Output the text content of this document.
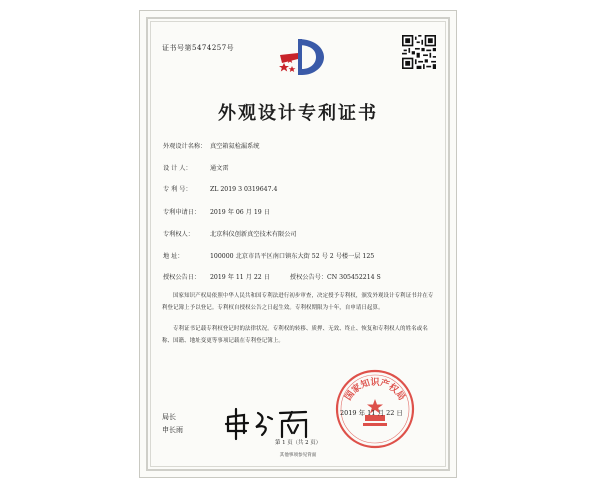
证书号第5474257号
外观设计专利证书
外观设计名称： 真空箱氦检漏系统
设 计 人：	通文雷
专 利 号：	ZL 2019 3 0319647.4
专利申请日： 2019 年 06 月 19 日
专利权人：	北京科仪创新真空技术有限公司
地 址：	100000 北京市昌平区南口镇东大街 52 号 2 号楼一层 125
授权公告日： 2019 年 11 月 22 日	授权公告号：CN 305452214 S
国家知识产权局依照中华人民共和国专利法进行初步审查，决定授予专利权，颁发外观设计专利证书并在专利登记簿上予以登记。专利权自授权公告之日起生效。专利权期限为十年，自申请日起算。
专利证书记载专利权登记时的法律状况。专利权的转移、质押、无效、终止、恢复和专利权人的姓名或名称、国籍、地址变更等事项记载在专利登记簿上。
国家知识产权局
2019 年 11 月 22 日
局长
申长雨
第 1 页（共 2 页）
其他事项参见背面
